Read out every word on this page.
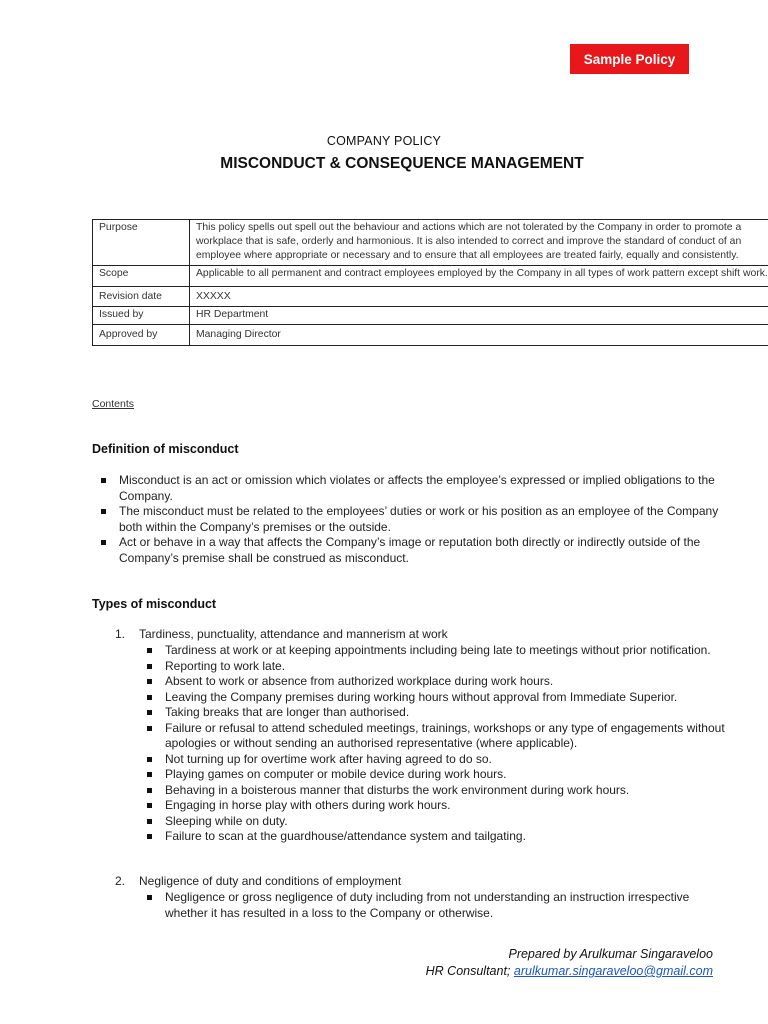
Sample Policy
COMPANY POLICY
MISCONDUCT & CONSEQUENCE MANAGEMENT
Purpose	This policy spells out spell out the behaviour and actions which are not tolerated by the Company in order to promote a workplace that is safe, orderly and harmonious. It is also intended to correct and improve the standard of conduct of an employee where appropriate or necessary and to ensure that all employees are treated fairly, equally and consistently.
Scope	Applicable to all permanent and contract employees employed by the Company in all types of work pattern except shift work.
Revision date	XXXXX
Issued by	HR Department
Approved by	Managing Director
Contents
Definition of misconduct
Misconduct is an act or omission which violates or affects the employee’s expressed or implied obligations to the Company.
The misconduct must be related to the employees’ duties or work or his position as an employee of the Company both within the Company’s premises or the outside.
Act or behave in a way that affects the Company’s image or reputation both directly or indirectly outside of the Company’s premise shall be construed as misconduct.
Types of misconduct
1. Tardiness, punctuality, attendance and mannerism at work
Tardiness at work or at keeping appointments including being late to meetings without prior notification.
Reporting to work late.
Absent to work or absence from authorized workplace during work hours.
Leaving the Company premises during working hours without approval from Immediate Superior.
Taking breaks that are longer than authorised.
Failure or refusal to attend scheduled meetings, trainings, workshops or any type of engagements without apologies or without sending an authorised representative (where applicable).
Not turning up for overtime work after having agreed to do so.
Playing games on computer or mobile device during work hours.
Behaving in a boisterous manner that disturbs the work environment during work hours.
Engaging in horse play with others during work hours.
Sleeping while on duty.
Failure to scan at the guardhouse/attendance system and tailgating.
2. Negligence of duty and conditions of employment
Negligence or gross negligence of duty including from not understanding an instruction irrespective whether it has resulted in a loss to the Company or otherwise.
Prepared by Arulkumar Singaraveloo
HR Consultant; arulkumar.singaraveloo@gmail.com
